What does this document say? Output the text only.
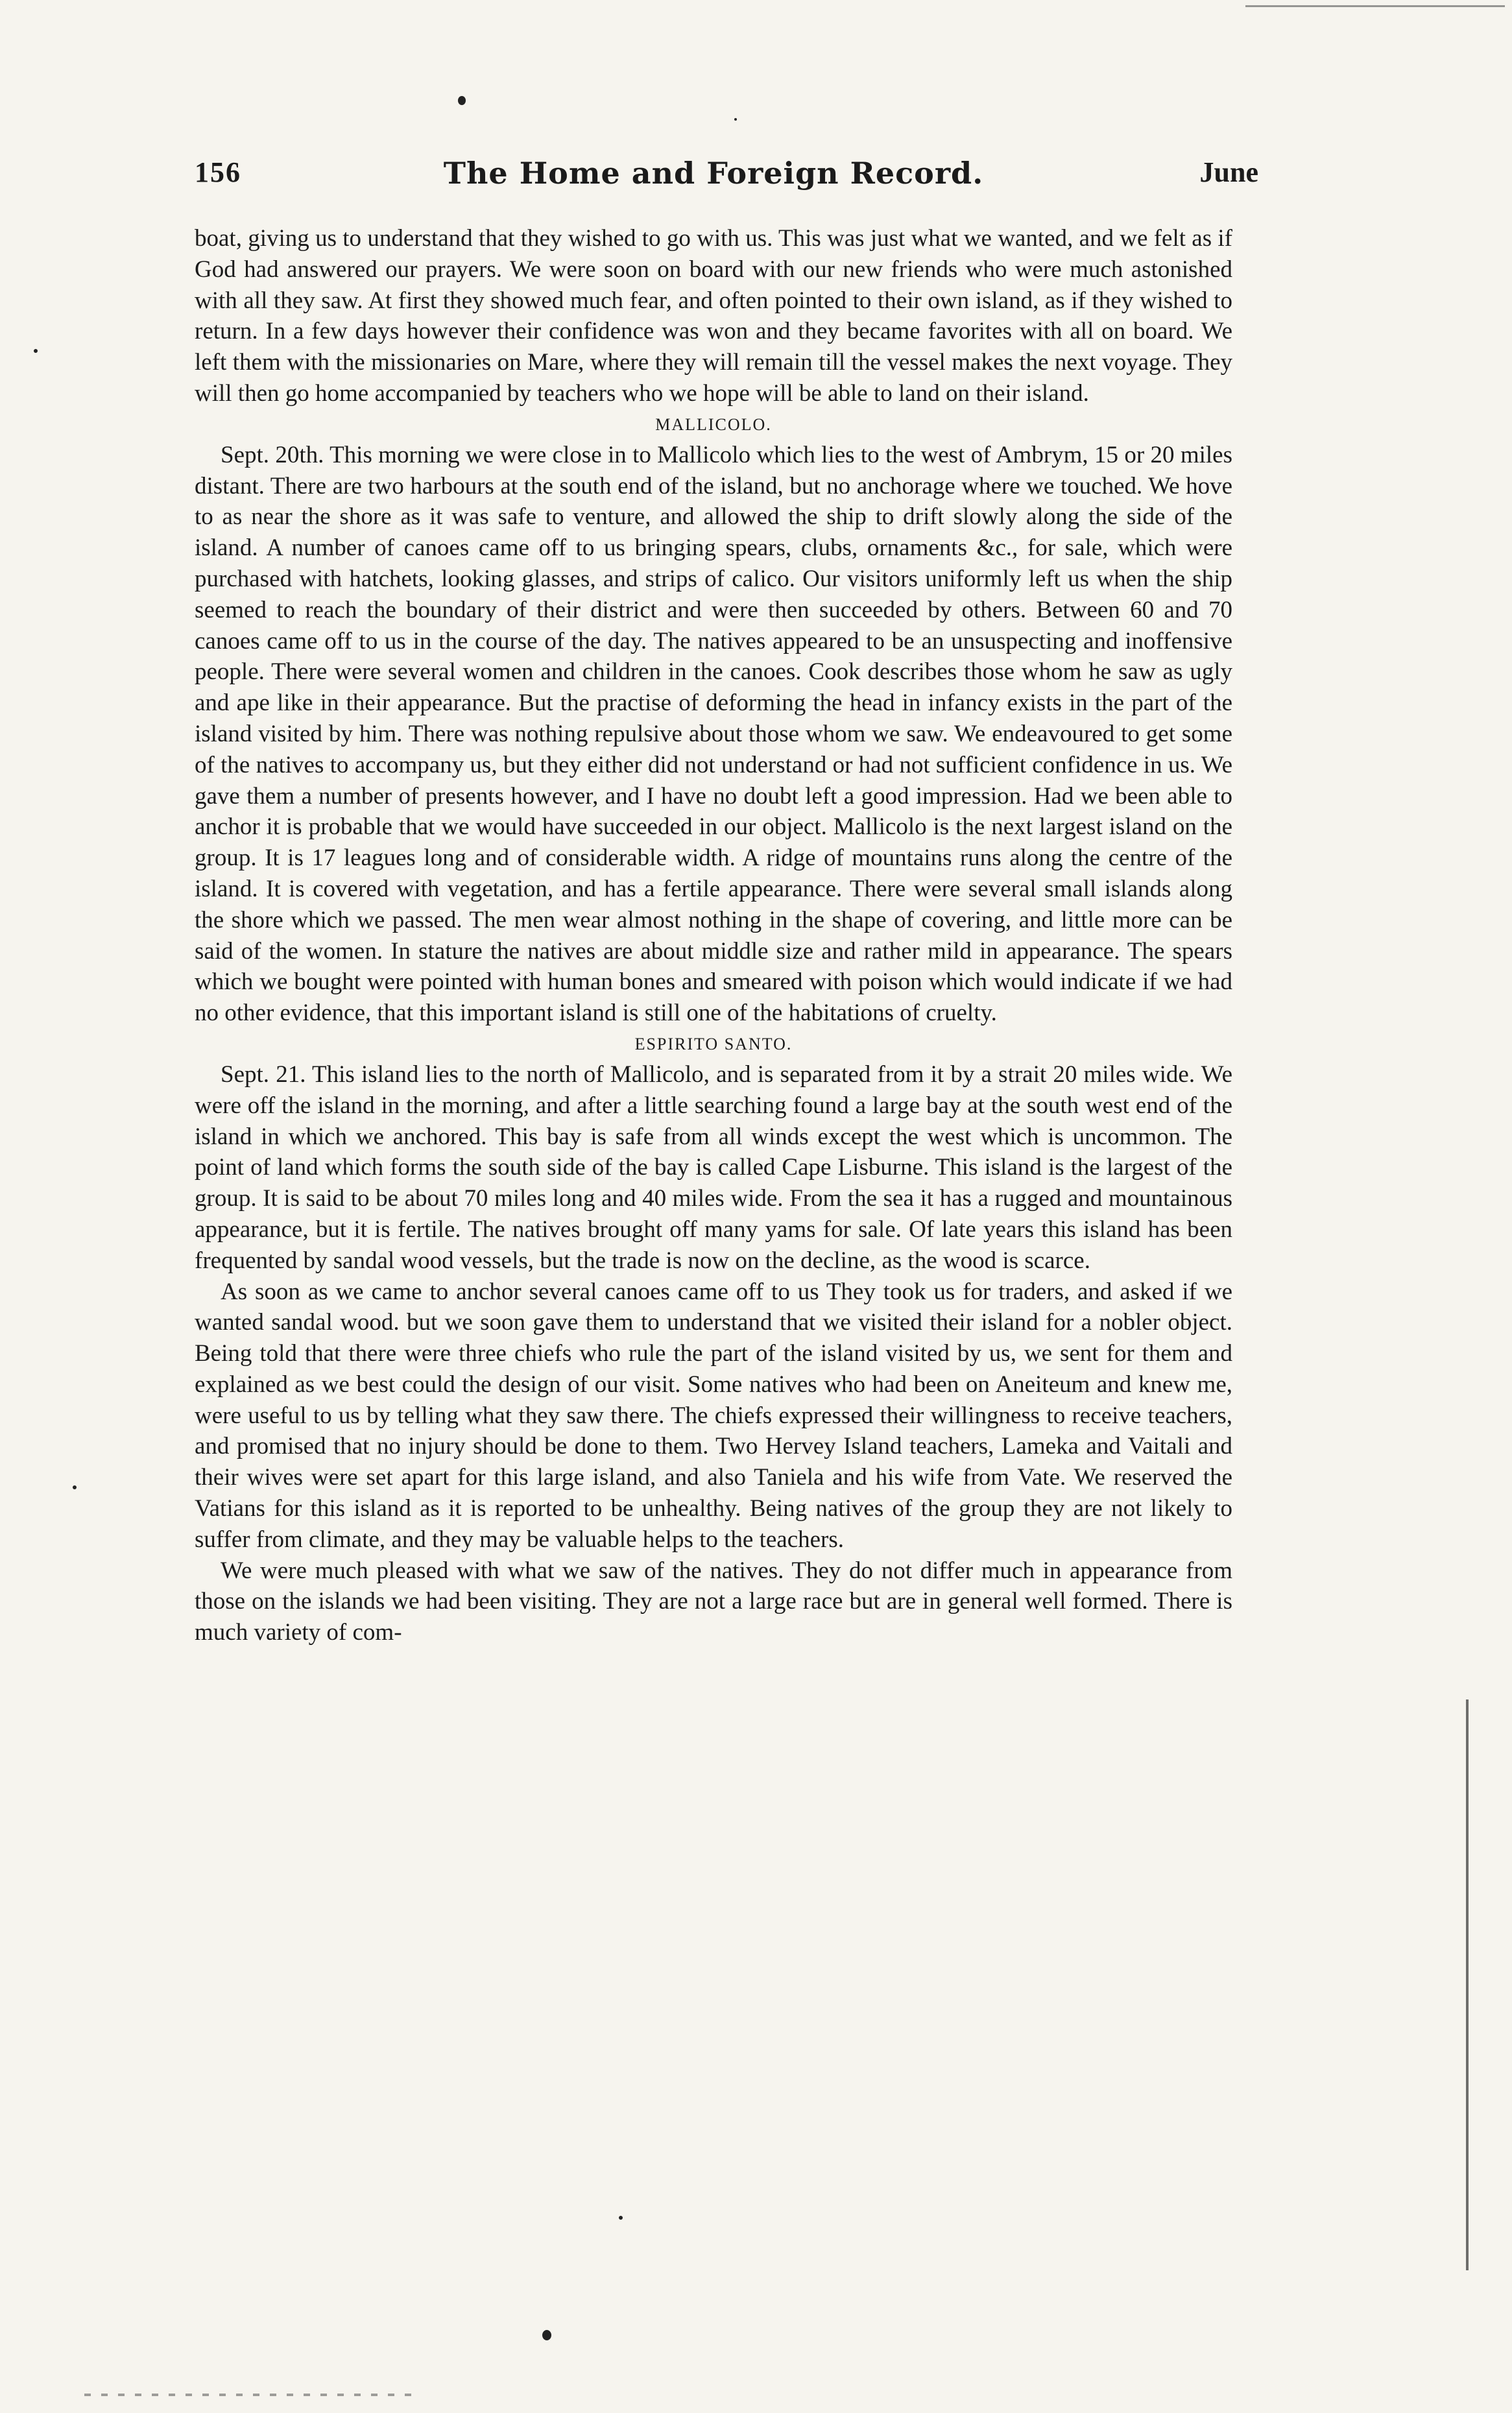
156	The Home and Foreign Record.	June

boat, giving us to understand that they wished to go with us. This was just what we wanted, and we felt as if God had answered our prayers. We were soon on board with our new friends who were much astonished with all they saw. At first they showed much fear, and often pointed to their own island, as if they wished to return. In a few days however their confidence was won and they became favorites with all on board. We left them with the missionaries on Mare, where they will remain till the vessel makes the next voyage. They will then go home accompanied by teachers who we hope will be able to land on their island.

MALLICOLO.

Sept. 20th. This morning we were close in to Mallicolo which lies to the west of Ambrym, 15 or 20 miles distant. There are two harbours at the south end of the island, but no anchorage where we touched. We hove to as near the shore as it was safe to venture, and allowed the ship to drift slowly along the side of the island. A number of canoes came off to us bringing spears, clubs, ornaments &c., for sale, which were purchased with hatchets, looking glasses, and strips of calico. Our visitors uniformly left us when the ship seemed to reach the boundary of their district and were then succeeded by others. Between 60 and 70 canoes came off to us in the course of the day. The natives appeared to be an unsuspecting and inoffensive people. There were several women and children in the canoes. Cook describes those whom he saw as ugly and ape like in their appearance. But the practise of deforming the head in infancy exists in the part of the island visited by him. There was nothing repulsive about those whom we saw. We endeavoured to get some of the natives to accompany us, but they either did not understand or had not sufficient confidence in us. We gave them a number of presents however, and I have no doubt left a good impression. Had we been able to anchor it is probable that we would have succeeded in our object. Mallicolo is the next largest island on the group. It is 17 leagues long and of considerable width. A ridge of mountains runs along the centre of the island. It is covered with vegetation, and has a fertile appearance. There were several small islands along the shore which we passed. The men wear almost nothing in the shape of covering, and little more can be said of the women. In stature the natives are about middle size and rather mild in appearance. The spears which we bought were pointed with human bones and smeared with poison which would indicate if we had no other evidence, that this important island is still one of the habitations of cruelty.

ESPIRITO SANTO.

Sept. 21. This island lies to the north of Mallicolo, and is separated from it by a strait 20 miles wide. We were off the island in the morning, and after a little searching found a large bay at the south west end of the island in which we anchored. This bay is safe from all winds except the west which is uncommon. The point of land which forms the south side of the bay is called Cape Lisburne. This island is the largest of the group. It is said to be about 70 miles long and 40 miles wide. From the sea it has a rugged and mountainous appearance, but it is fertile. The natives brought off many yams for sale. Of late years this island has been frequented by sandal wood vessels, but the trade is now on the decline, as the wood is scarce.

As soon as we came to anchor several canoes came off to us They took us for traders, and asked if we wanted sandal wood. but we soon gave them to understand that we visited their island for a nobler object. Being told that there were three chiefs who rule the part of the island visited by us, we sent for them and explained as we best could the design of our visit. Some natives who had been on Aneiteum and knew me, were useful to us by telling what they saw there. The chiefs expressed their willingness to receive teachers, and promised that no injury should be done to them. Two Hervey Island teachers, Lameka and Vaitali and their wives were set apart for this large island, and also Taniela and his wife from Vate. We reserved the Vatians for this island as it is reported to be unhealthy. Being natives of the group they are not likely to suffer from climate, and they may be valuable helps to the teachers.

We were much pleased with what we saw of the natives. They do not differ much in appearance from those on the islands we had been visiting. They are not a large race but are in general well formed. There is much variety of com-
